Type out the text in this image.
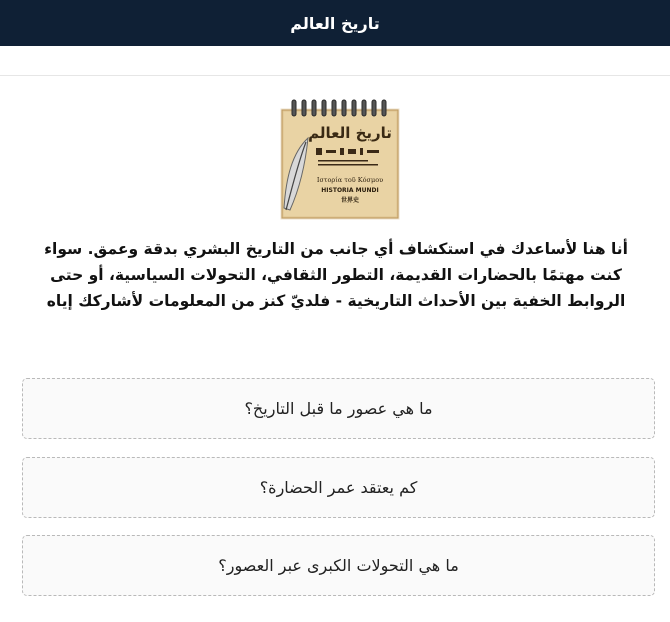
تاريخ العالم
تاريخ العالم
Ιστορία τοῦ Κόσμου
HISTORIA MUNDI
世界史
أنا هنا لأساعدك في استكشاف أي جانب من التاريخ البشري بدقة وعمق. سواء كنت مهتمًا بالحضارات القديمة، التطور الثقافي، التحولات السياسية، أو حتى الروابط الخفية بين الأحداث التاريخية - فلديّ كنز من المعلومات لأشاركك إياه
ما هي عصور ما قبل التاريخ؟
كم يعتقد عمر الحضارة؟
ما هي التحولات الكبرى عبر العصور؟
